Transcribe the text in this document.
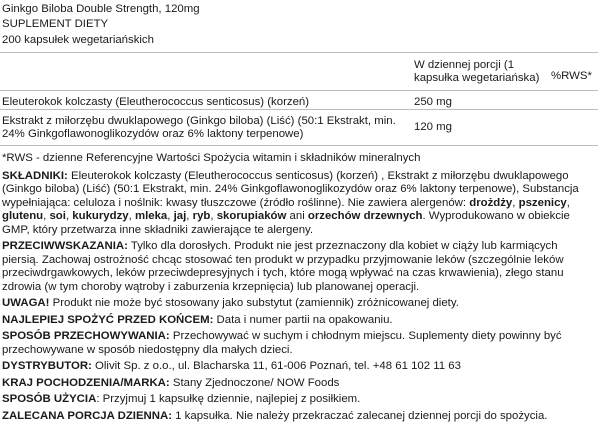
Ginkgo Biloba Double Strength, 120mg
SUPLEMENT DIETY
200 kapsułek wegetariańskich
W dziennej porcji (1 kapsułka wegetariańska)	%RWS*
Eleuterokok kolczasty (Eleutherococcus senticosus) (korzeń)	250 mg
Ekstrakt z miłorzębu dwuklapowego (Ginkgo biloba) (Liść) (50:1 Ekstrakt, min. 24% Ginkgoflawonoglikozydów oraz 6% laktony terpenowe)
120 mg

*RWS - dzienne Referencyjne Wartości Spożycia witamin i składników mineralnych

SKŁADNIKI: Eleuterokok kolczasty (Eleutherococcus senticosus) (korzeń) , Ekstrakt z miłorzębu dwuklapowego (Ginkgo biloba) (Liść) (50:1 Ekstrakt, min. 24% Ginkgoflawonoglikozydów oraz 6% laktony terpenowe), Substancja wypełniająca: celuloza i noślnik: kwasy tłuszczowe (źródło roślinne). Nie zawiera alergenów: drożdży, pszenicy, glutenu, soi, kukurydzy, mleka, jaj, ryb, skorupiaków ani orzechów drzewnych. Wyprodukowano w obiekcie GMP, który przetwarza inne składniki zawierające te alergeny.

PRZECIWWSKAZANIA: Tylko dla dorosłych. Produkt nie jest przeznaczony dla kobiet w ciąży lub karmiących piersią. Zachowaj ostrożność chcąc stosować ten produkt w przypadku przyjmowanie leków (szczególnie leków przeciwdrgawkowych, leków przeciwdepresyjnych i tych, które mogą wpływać na czas krwawienia), złego stanu zdrowia (w tym choroby wątroby i zaburzenia krzepnięcia) lub planowanej operacji.

UWAGA! Produkt nie może być stosowany jako substytut (zamiennik) zróżnicowanej diety.

NAJLEPIEJ SPOŻYĆ PRZED KOŃCEM: Data i numer partii na opakowaniu.

SPOSÓB PRZECHOWYWANIA: Przechowywać w suchym i chłodnym miejscu. Suplementy diety powinny być przechowywane w sposób niedostępny dla małych dzieci.

DYSTRYBUTOR: Olivit Sp. z o.o., ul. Blacharska 11, 61-006 Poznań, tel. +48 61 102 11 63

KRAJ POCHODZENIA/MARKA: Stany Zjednoczone/ NOW Foods

SPOSÓB UŻYCIA: Przyjmuj 1 kapsułkę dziennie, najlepiej z posiłkiem.

ZALECANA PORCJA DZIENNA: 1 kapsułka. Nie należy przekraczać zalecanej dziennej porcji do spożycia.
